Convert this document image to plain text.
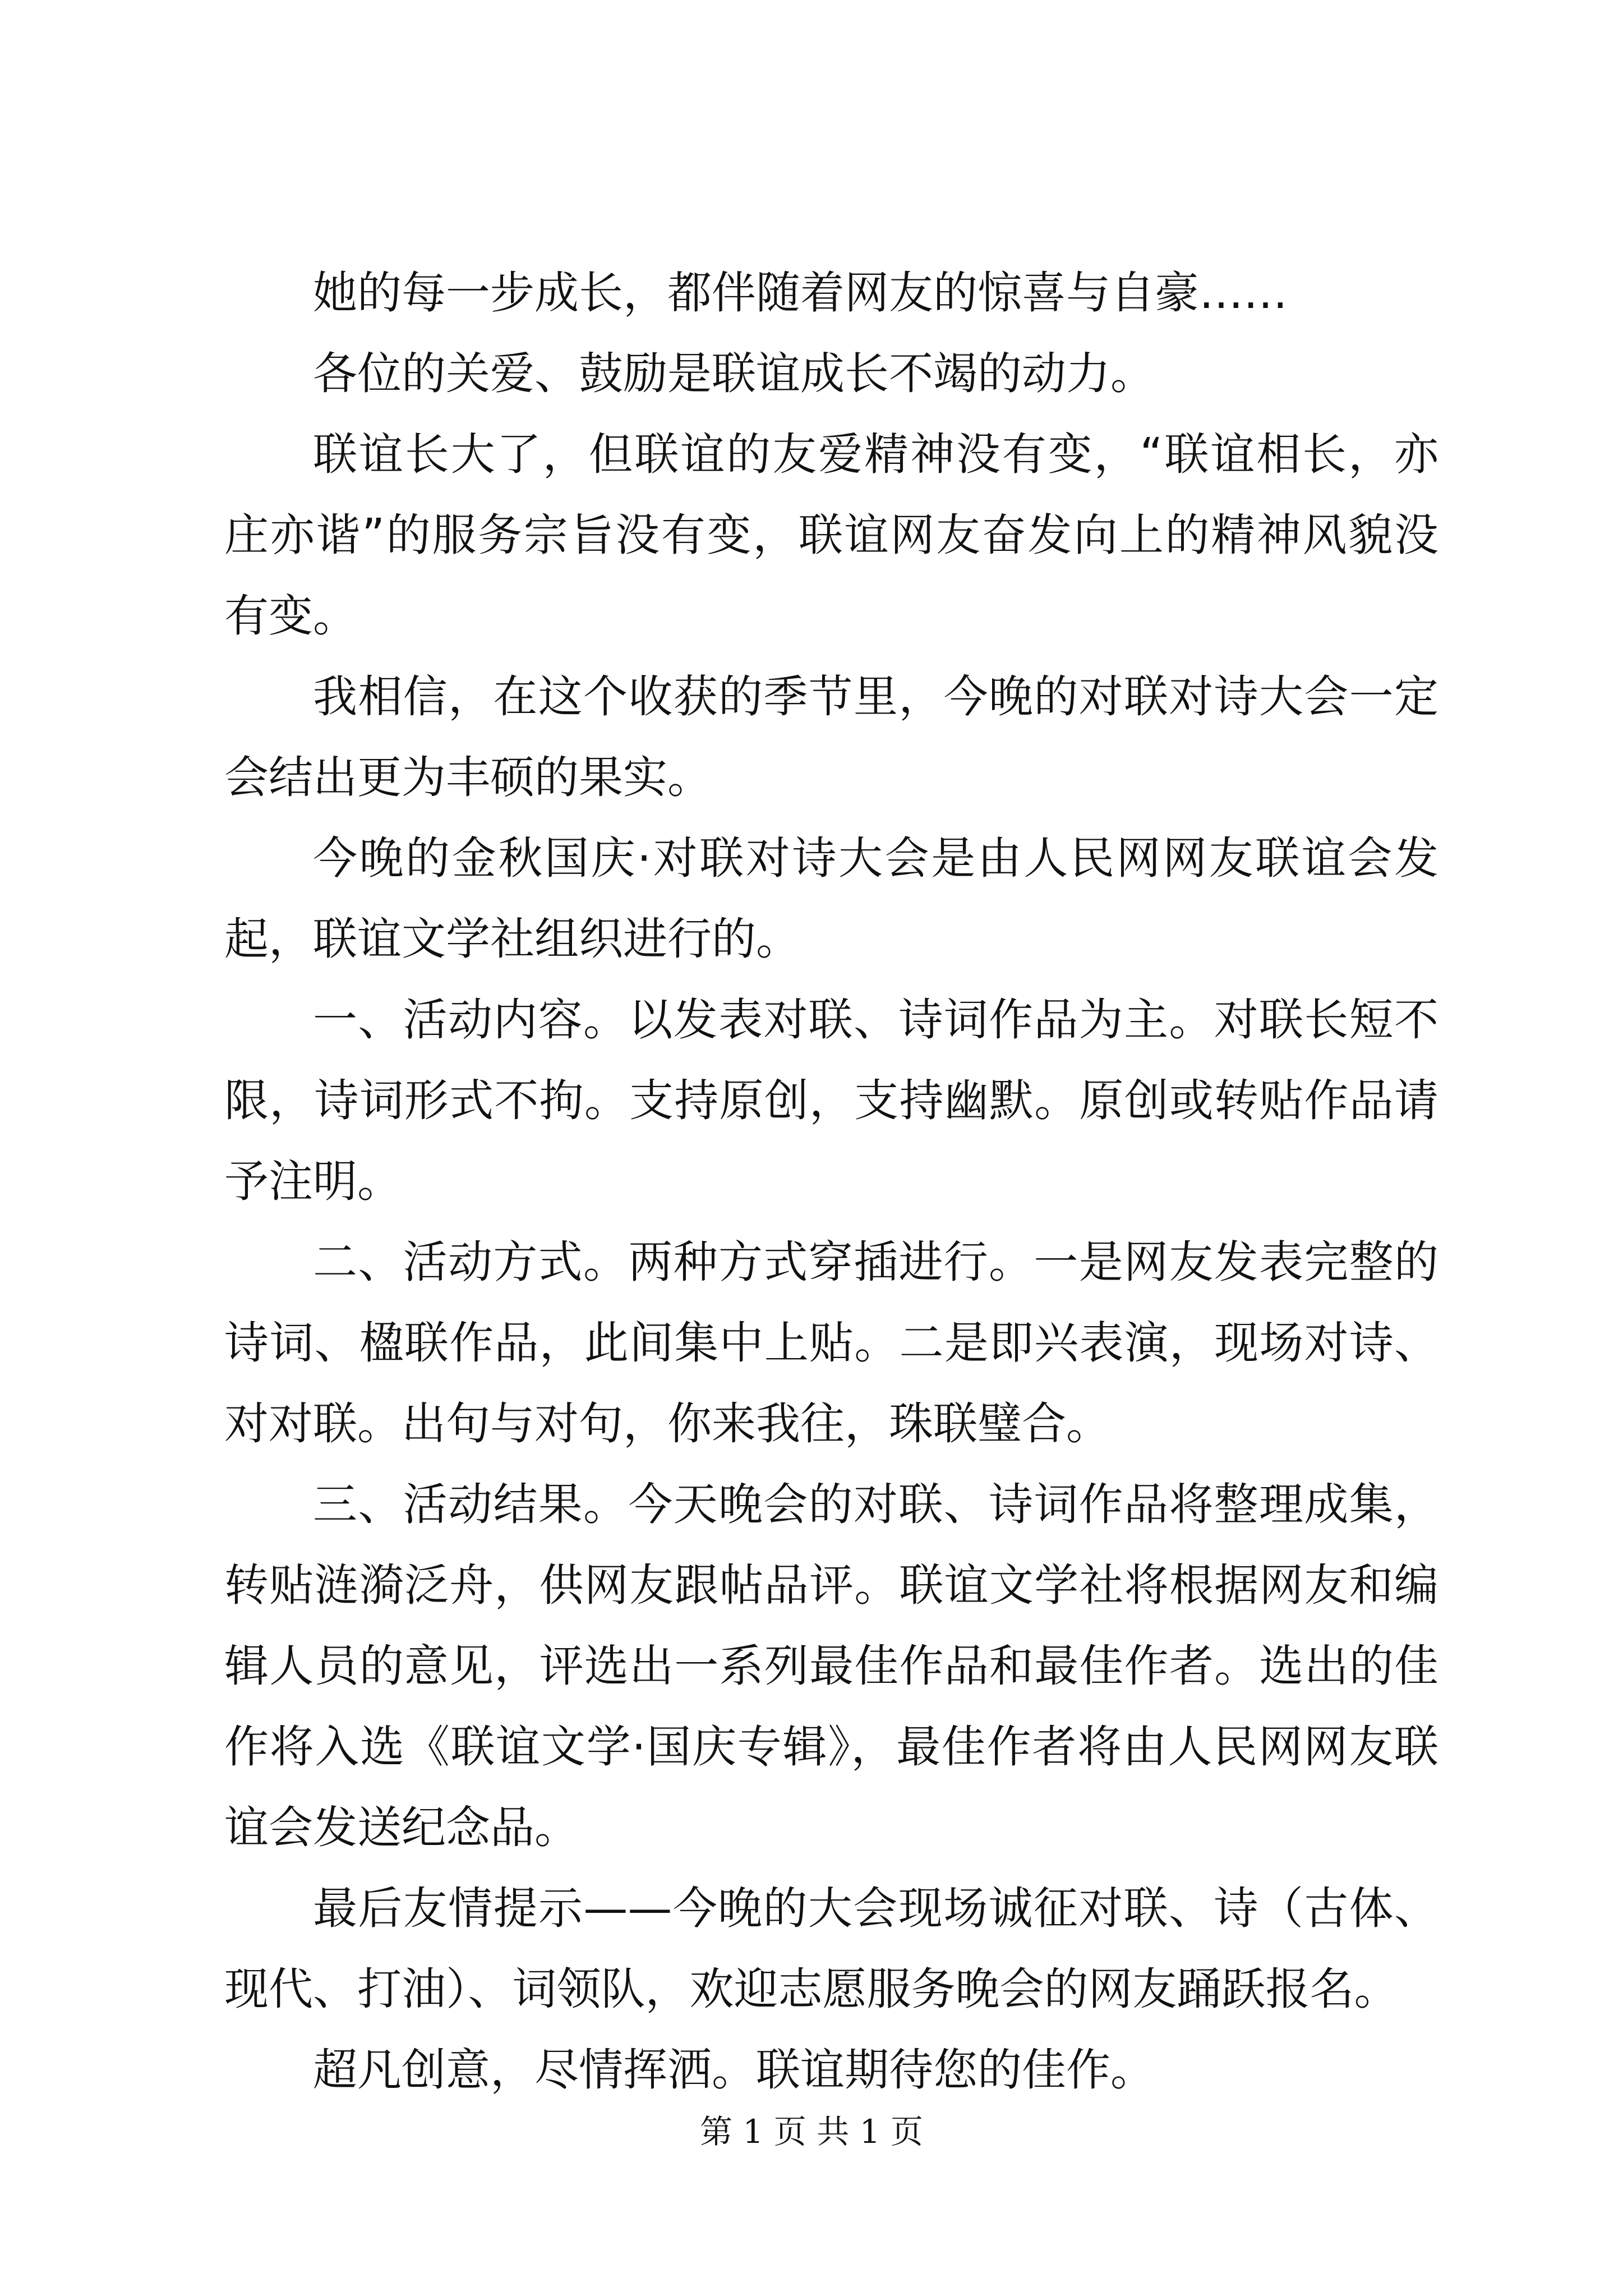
她的每一步成长，都伴随着网友的惊喜与自豪……

各位的关爱、鼓励是联谊成长不竭的动力。

联谊长大了，但联谊的友爱精神没有变，“联谊相长，亦庄亦谐”的服务宗旨没有变，联谊网友奋发向上的精神风貌没有变。

我相信，在这个收获的季节里，今晚的对联对诗大会一定会结出更为丰硕的果实。

今晚的金秋国庆·对联对诗大会是由人民网网友联谊会发起，联谊文学社组织进行的。

一、活动内容。以发表对联、诗词作品为主。对联长短不限，诗词形式不拘。支持原创，支持幽默。原创或转贴作品请予注明。

二、活动方式。两种方式穿插进行。一是网友发表完整的诗词、楹联作品，此间集中上贴。二是即兴表演，现场对诗、对对联。出句与对句，你来我往，珠联璧合。

三、活动结果。今天晚会的对联、诗词作品将整理成集，转贴涟漪泛舟，供网友跟帖品评。联谊文学社将根据网友和编辑人员的意见，评选出一系列最佳作品和最佳作者。选出的佳作将入选《联谊文学·国庆专辑》，最佳作者将由人民网网友联谊会发送纪念品。

最后友情提示——今晚的大会现场诚征对联、诗（古体、现代、打油）、词领队，欢迎志愿服务晚会的网友踊跃报名。

超凡创意，尽情挥洒。联谊期待您的佳作。

第 1 页 共 1 页
